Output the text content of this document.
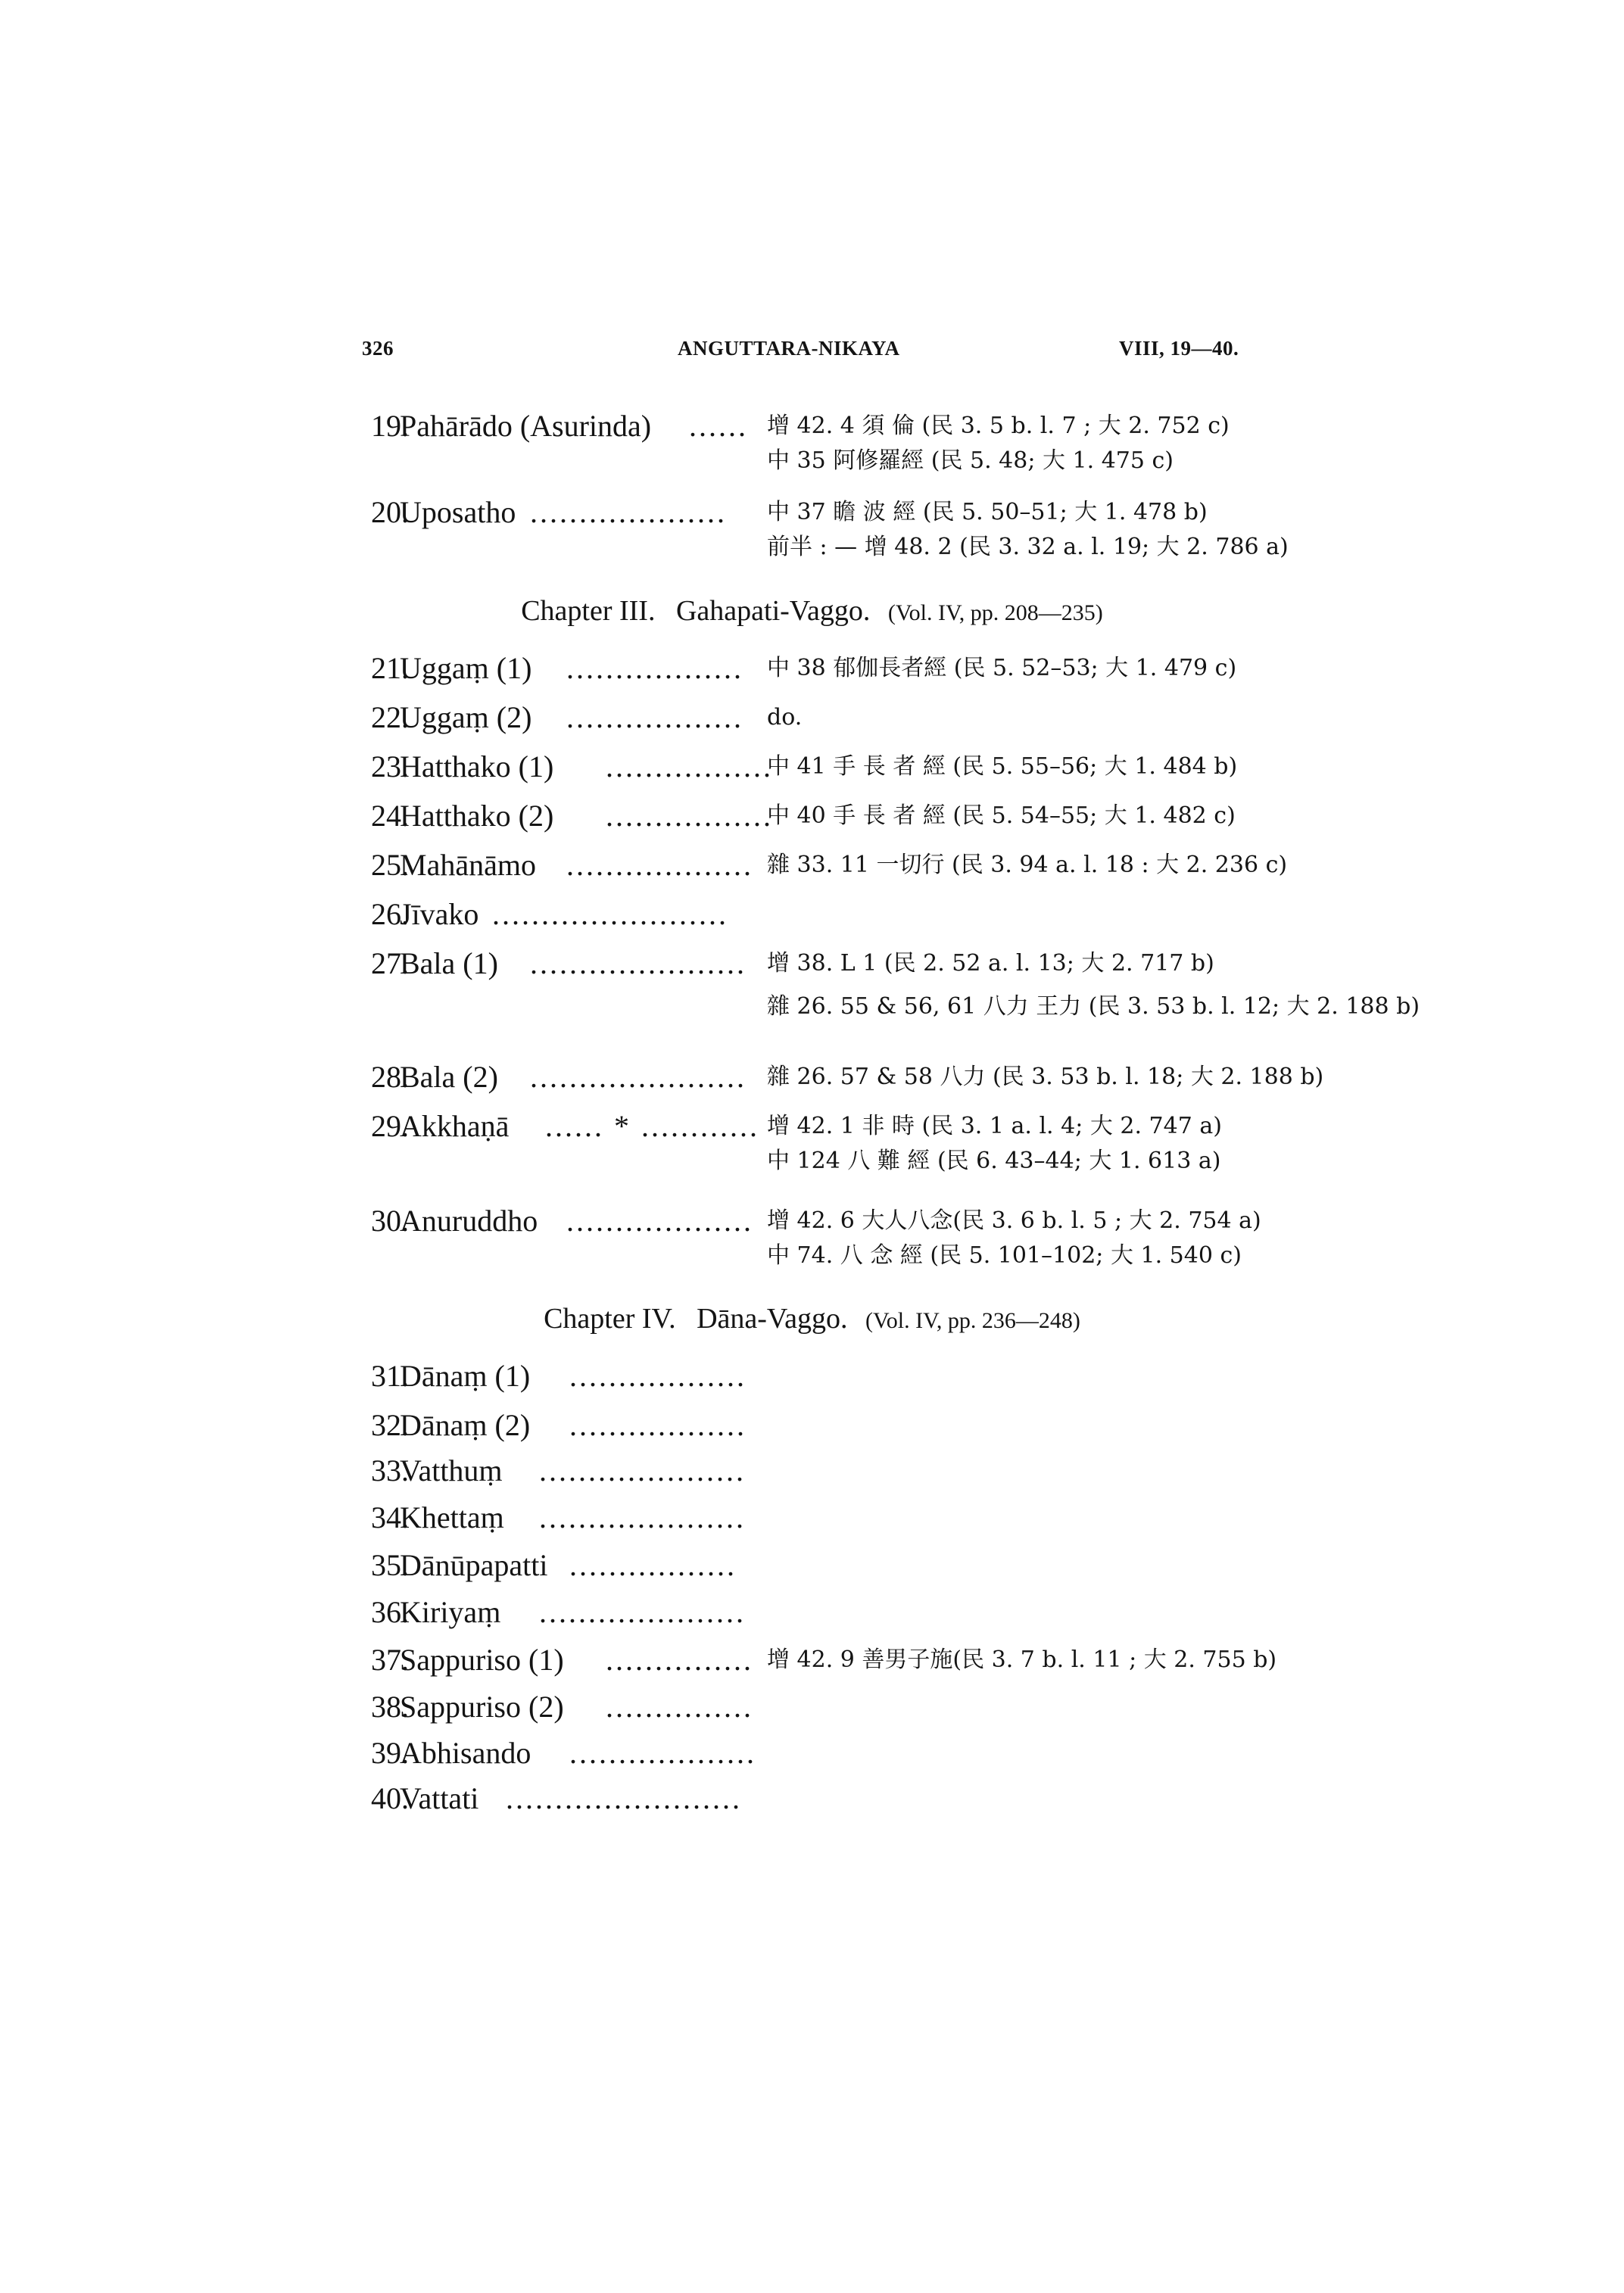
326	ANGUTTARA-NIKAYA	VIII, 19—40.
19.
Pahārādo (Asurinda) ...... 增 42. 4 須 倫 (民 3. 5 b. l. 7 ; 大 2. 752 c)
中 35 阿修羅經 (民 5. 48; 大 1. 475 c)
20.
Uposatho .................... 中 37 瞻 波 經 (民 5. 50–51; 大 1. 478 b)
前半 : — 增 48. 2 (民 3. 32 a. l. 19; 大 2. 786 a)
Chapter III. Gahapati-Vaggo. (Vol. IV, pp. 208—235)
21.
Uggaṃ (1) .................. 中 38 郁伽長者經 (民 5. 52–53; 大 1. 479 c)
22.
Uggaṃ (2) .................. do.
23.
Hatthako (1) .................
中 41 手 長 者 經 (民 5. 55–56; 大 1. 484 b)
24.
Hatthako (2) .................
中 40 手 長 者 經 (民 5. 54–55; 大 1. 482 c)
25.
Mahānāmo ................... 雜 33. 11 一切行 (民 3. 94 a. l. 18 : 大 2. 236 c)
26.
Jīvako ........................
27.
Bala (1) ...................... 增 38. L 1 (民 2. 52 a. l. 13; 大 2. 717 b)
雜 26. 55 & 56, 61 八力 王力 (民 3. 53 b. l. 12; 大 2. 188 b)
28.
Bala (2) ...................... 雜 26. 57 & 58 八力 (民 3. 53 b. l. 18; 大 2. 188 b)
29.
Akkhaṇā ...... * ............ 增 42. 1 非 時 (民 3. 1 a. l. 4; 大 2. 747 a)
中 124 八 難 經 (民 6. 43–44; 大 1. 613 a)
30.
Anuruddho ................... 增 42. 6 大人八念(民 3. 6 b. l. 5 ; 大 2. 754 a)
中 74. 八 念 經 (民 5. 101–102; 大 1. 540 c)
Chapter IV. Dāna-Vaggo. (Vol. IV, pp. 236—248)
31.
Dānaṃ (1) ..................
32.
Dānaṃ (2) ..................
33.
Vatthuṃ .....................
34.
Khettaṃ .....................
35.
Dānūpapatti .................
36.
Kiriyaṃ .....................
37.
Sappuriso (1) ............... 增 42. 9 善男子施(民 3. 7 b. l. 11 ; 大 2. 755 b)
38.
Sappuriso (2) ...............
39.
Abhisando ...................
40.
Vattati ........................
